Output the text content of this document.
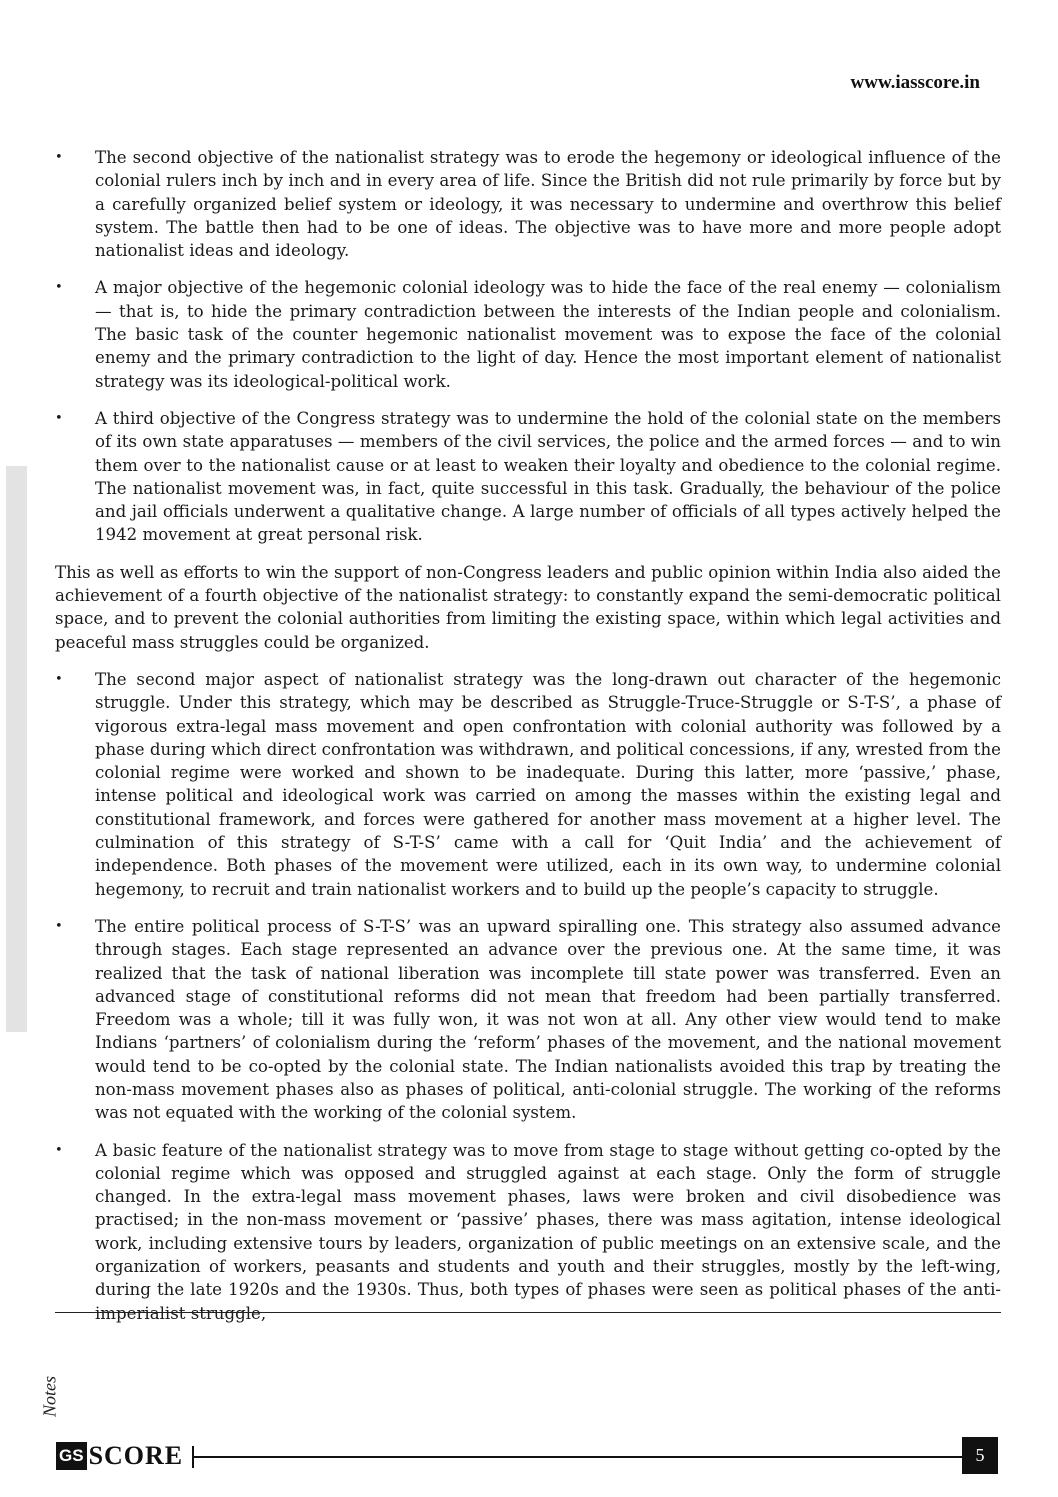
www.iasscore.in
•	The second objective of the nationalist strategy was to erode the hegemony or ideological influence of the colonial rulers inch by inch and in every area of life. Since the British did not rule primarily by force but by a carefully organized belief system or ideology, it was necessary to undermine and overthrow this belief system. The battle then had to be one of ideas. The objective was to have more and more people adopt nationalist ideas and ideology.
•	A major objective of the hegemonic colonial ideology was to hide the face of the real enemy — colonialism — that is, to hide the primary contradiction between the interests of the Indian people and colonialism. The basic task of the counter hegemonic nationalist movement was to expose the face of the colonial enemy and the primary contradiction to the light of day. Hence the most important element of nationalist strategy was its ideological-political work.
•	A third objective of the Congress strategy was to undermine the hold of the colonial state on the members of its own state apparatuses — members of the civil services, the police and the armed forces — and to win them over to the nationalist cause or at least to weaken their loyalty and obedience to the colonial regime. The nationalist movement was, in fact, quite successful in this task. Gradually, the behaviour of the police and jail officials underwent a qualitative change. A large number of officials of all types actively helped the 1942 movement at great personal risk.
This as well as efforts to win the support of non-Congress leaders and public opinion within India also aided the achievement of a fourth objective of the nationalist strategy: to constantly expand the semi-democratic political space, and to prevent the colonial authorities from limiting the existing space, within which legal activities and peaceful mass struggles could be organized.
•	The second major aspect of nationalist strategy was the long-drawn out character of the hegemonic struggle. Under this strategy, which may be described as Struggle-Truce-Struggle or S-T-S’, a phase of vigorous extra-legal mass movement and open confrontation with colonial authority was followed by a phase during which direct confrontation was withdrawn, and political concessions, if any, wrested from the colonial regime were worked and shown to be inadequate. During this latter, more ‘passive,’ phase, intense political and ideological work was carried on among the masses within the existing legal and constitutional framework, and forces were gathered for another mass movement at a higher level. The culmination of this strategy of S-T-S’ came with a call for ‘Quit India’ and the achievement of independence. Both phases of the movement were utilized, each in its own way, to undermine colonial hegemony, to recruit and train nationalist workers and to build up the people’s capacity to struggle.
•	The entire political process of S-T-S’ was an upward spiralling one. This strategy also assumed advance through stages. Each stage represented an advance over the previous one. At the same time, it was realized that the task of national liberation was incomplete till state power was transferred. Even an advanced stage of constitutional reforms did not mean that freedom had been partially transferred. Freedom was a whole; till it was fully won, it was not won at all. Any other view would tend to make Indians ‘partners’ of colonialism during the ‘reform’ phases of the movement, and the national movement would tend to be co-opted by the colonial state. The Indian nationalists avoided this trap by treating the non-mass movement phases also as phases of political, anti-colonial struggle. The working of the reforms was not equated with the working of the colonial system.
•	A basic feature of the nationalist strategy was to move from stage to stage without getting co-opted by the colonial regime which was opposed and struggled against at each stage. Only the form of struggle changed. In the extra-legal mass movement phases, laws were broken and civil disobedience was practised; in the non-mass movement or ‘passive’ phases, there was mass agitation, intense ideological work, including extensive tours by leaders, organization of public meetings on an extensive scale, and the organization of workers, peasants and students and youth and their struggles, mostly by the left-wing, during the late 1920s and the 1930s. Thus, both types of phases were seen as political phases of the anti-imperialist struggle,
Notes
GS SCORE	5
